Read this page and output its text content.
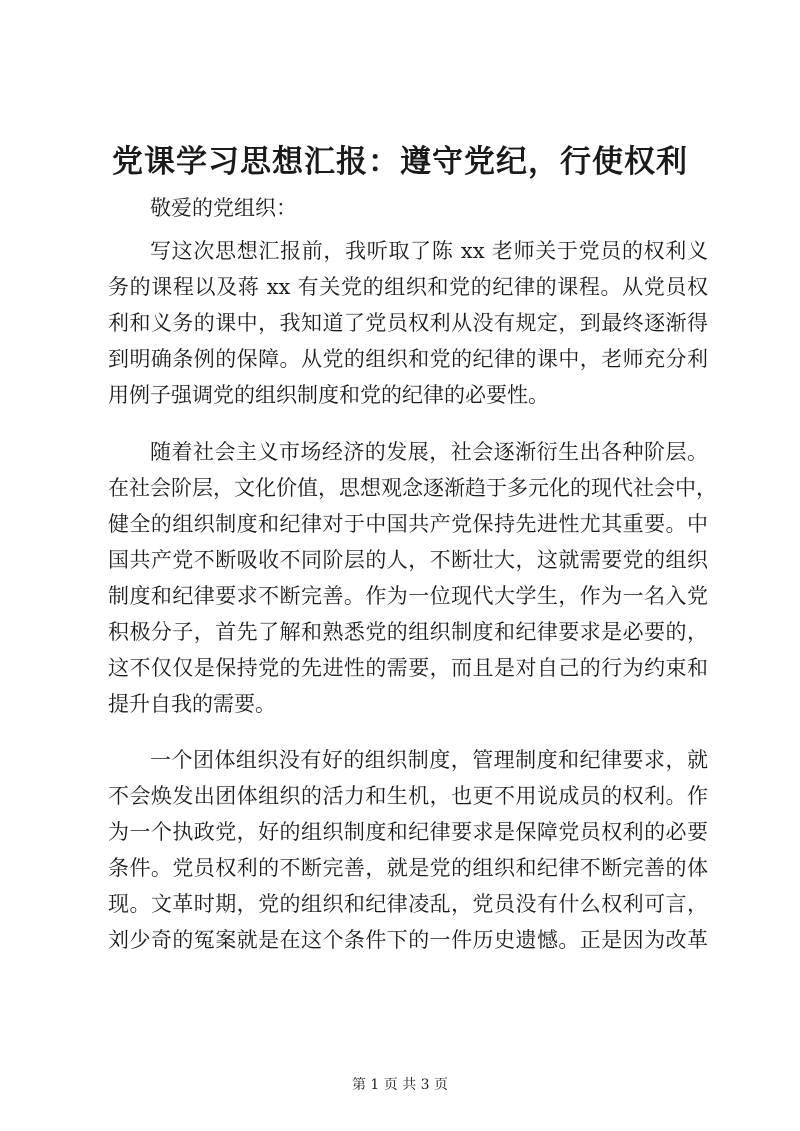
党课学习思想汇报：遵守党纪，行使权利

敬爱的党组织：

写这次思想汇报前，我听取了陈 xx 老师关于党员的权利义

务的课程以及蒋 xx 有关党的组织和党的纪律的课程。从党员权

利和义务的课中，我知道了党员权利从没有规定，到最终逐渐得

到明确条例的保障。从党的组织和党的纪律的课中，老师充分利

用例子强调党的组织制度和党的纪律的必要性。

随着社会主义市场经济的发展，社会逐渐衍生出各种阶层。

在社会阶层，文化价值，思想观念逐渐趋于多元化的现代社会中，

健全的组织制度和纪律对于中国共产党保持先进性尤其重要。中

国共产党不断吸收不同阶层的人，不断壮大，这就需要党的组织

制度和纪律要求不断完善。作为一位现代大学生，作为一名入党

积极分子，首先了解和熟悉党的组织制度和纪律要求是必要的，

这不仅仅是保持党的先进性的需要，而且是对自己的行为约束和

提升自我的需要。

一个团体组织没有好的组织制度，管理制度和纪律要求，就

不会焕发出团体组织的活力和生机，也更不用说成员的权利。作

为一个执政党，好的组织制度和纪律要求是保障党员权利的必要

条件。党员权利的不断完善，就是党的组织和纪律不断完善的体

现。文革时期，党的组织和纪律凌乱，党员没有什么权利可言，

刘少奇的冤案就是在这个条件下的一件历史遗憾。正是因为改革

第 1 页 共 3 页
